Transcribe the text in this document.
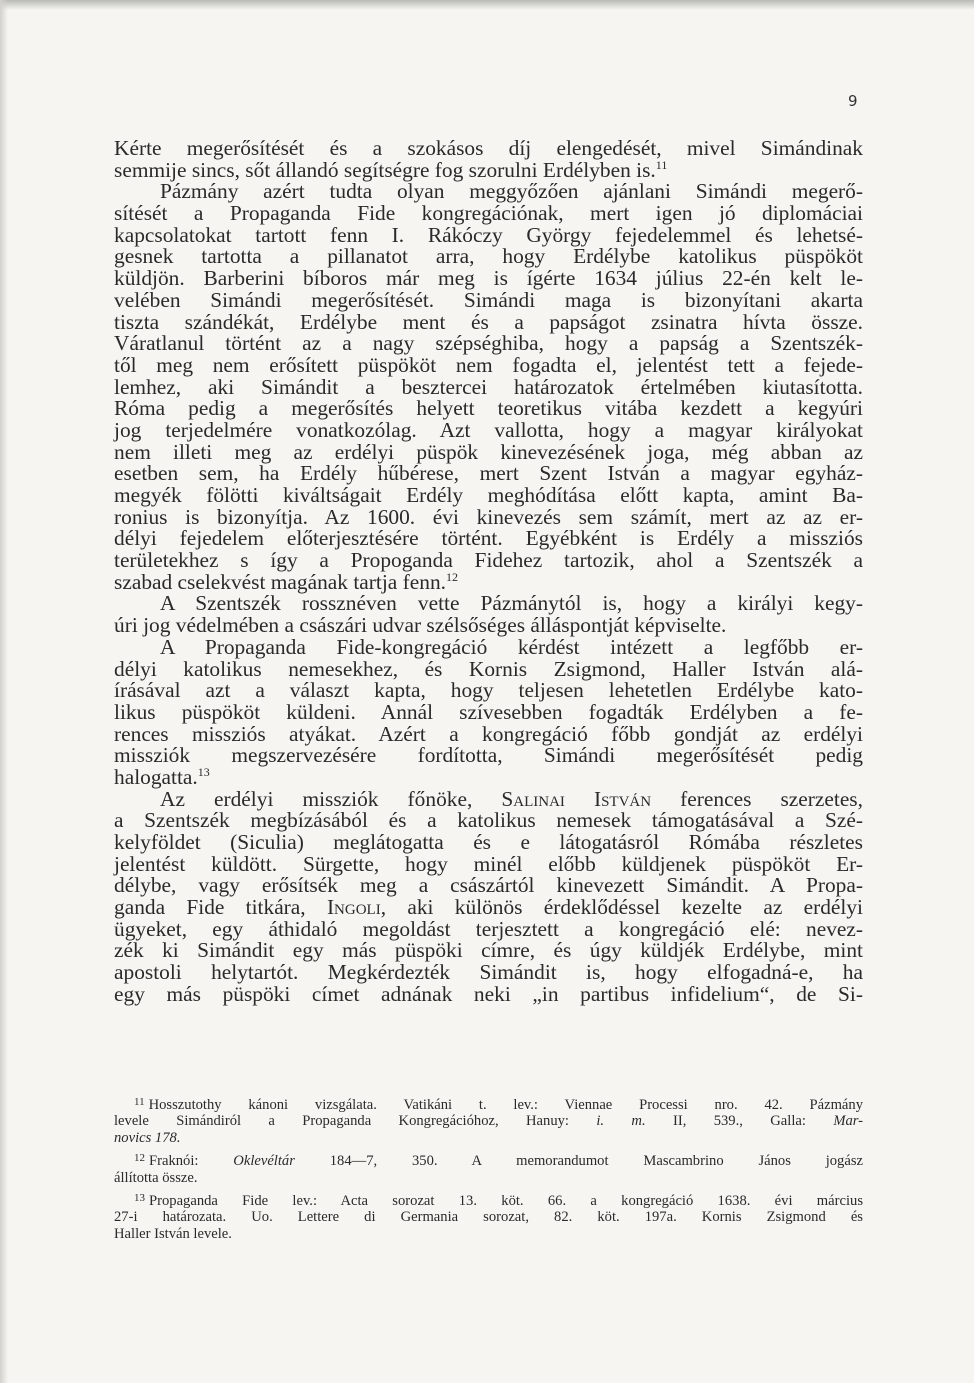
9
Kérte megerősítését és a szokásos díj elengedését, mivel Simándinak
semmije sincs, sőt állandó segítségre fog szorulni Erdélyben is.$^{11}$
Pázmány azért tudta olyan meggyőzően ajánlani Simándi megerő-
sítését a Propaganda Fide kongregációnak, mert igen jó diplomáciai
kapcsolatokat tartott fenn I. Rákóczy György fejedelemmel és lehetsé-
gesnek tartotta a pillanatot arra, hogy Erdélybe katolikus püspököt
küldjön. Barberini bíboros már meg is ígérte 1634 július 22-én kelt le-
velében Simándi megerősítését. Simándi maga is bizonyítani akarta
tiszta szándékát, Erdélybe ment és a papságot zsinatra hívta össze.
Váratlanul történt az a nagy szépséghiba, hogy a papság a Szentszék-
től meg nem erősített püspököt nem fogadta el, jelentést tett a fejede-
lemhez, aki Simándit a beszterceі határozatok értelmében kiutasította.
Róma pedig a megerősítés helyett teoretikus vitába kezdett a kegyúri
jog terjedelmére vonatkozólag. Azt vallotta, hogy a magyar királyokat
nem illeti meg az erdélyi püspök kinevezésének joga, még abban az
esetben sem, ha Erdély hűbérese, mert Szent István a magyar egyház-
megyék fölötti kiváltságait Erdély meghódítása előtt kapta, amint Ba-
ronius is bizonyítja. Az 1600. évi kinevezés sem számít, mert az az er-
délyi fejedelem előterjesztésére történt. Egyébként is Erdély a missziós
területekhez s így a Propoganda Fidehez tartozik, ahol a Szentszék a
szabad cselekvést magának tartja fenn.$^{12}$
A Szentszék rossznéven vette Pázmánytól is, hogy a királyi kegy-
úri jog védelmében a császári udvar szélsőséges álláspontját képviselte.
A Propaganda Fide-kongregáció kérdést intézett a legfőbb er-
délyi katolikus nemesekhez, és Kornis Zsigmond, Haller István alá-
írásával azt a választ kapta, hogy teljesen lehetetlen Erdélybe kato-
likus püspököt küldeni. Annál szívesebben fogadták Erdélyben a fe-
rences missziós atyákat. Azért a kongregáció főbb gondját az erdélyi
missziók megszervezésére fordította, Simándi megerősítését pedig
halogatta.$^{13}$
Az erdélyi missziók főnöke, Salinai István ferences szerzetes,
a Szentszék megbízásából és a katolikus nemesek támogatásával a Szé-
kelyföldet (Siculia) meglátogatta és e látogatásról Rómába részletes
jelentést küldött. Sürgette, hogy minél előbb küldjenek püspököt Er-
délybe, vagy erősítsék meg a császártól kinevezett Simándit. A Propa-
ganda Fide titkára, Ingoli, aki különös érdeklődéssel kezelte az erdélyi
ügyeket, egy áthidaló megoldást terjesztett a kongregáció elé: nevez-
zék ki Simándit egy más püspöki címre, és úgy küldjék Erdélybe, mint
apostoli helytartót. Megkérdezték Simándit is, hogy elfogadná-e, ha
egy más püspöki címet adnának neki „in partibus infidelium“, de Si-
$^{11}$ Hosszutothy kánoni vizsgálata. Vatikáni t. lev.: Viennae Processi nro. 42. Pázmány
levele Simándiról a Propaganda Kongregációhoz, Hanuy: i. m. II, 539., Galla: Mar-
novics 178.
$^{12}$ Fraknói: Oklevéltár 184—7, 350. A memorandumot Mascambrino János jogász
állította össze.
$^{13}$ Propaganda Fide lev.: Acta sorozat 13. köt. 66. a kongregáció 1638. évi március
27-i határozata. Uo. Lettere di Germania sorozat, 82. köt. 197a. Kornis Zsigmond és
Haller István levele.
